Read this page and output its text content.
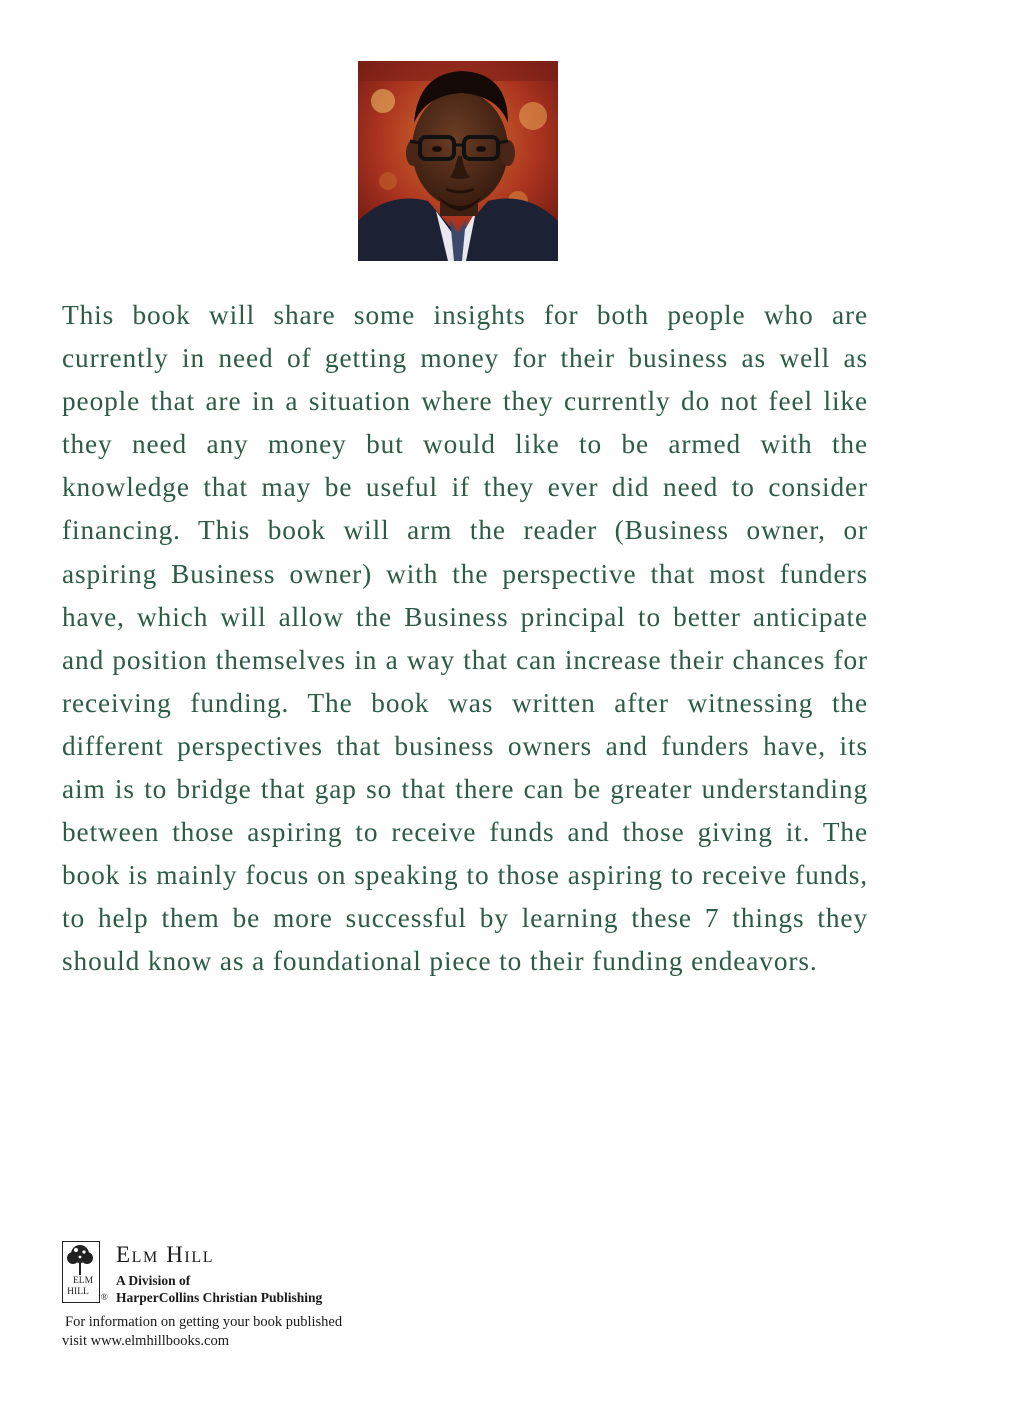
This book will share some insights for both people who are currently in need of getting money for their business as well as people that are in a situation where they currently do not feel like they need any money but would like to be armed with the knowledge that may be useful if they ever did need to consider financing. This book will arm the reader (Business owner, or aspiring Business owner) with the perspective that most funders have, which will allow the Business principal to better anticipate and position themselves in a way that can increase their chances for receiving funding. The book was written after witnessing the different perspectives that business owners and funders have, its aim is to bridge that gap so that there can be greater understanding between those aspiring to receive funds and those giving it. The book is mainly focus on speaking to those aspiring to receive funds, to help them be more successful by learning these 7 things they should know as a foundational piece to their funding endeavors.

ELM
HILL	®
Elm Hill
A Division of
HarperCollins Christian Publishing
For information on getting your book published
visit www.elmhillbooks.com
